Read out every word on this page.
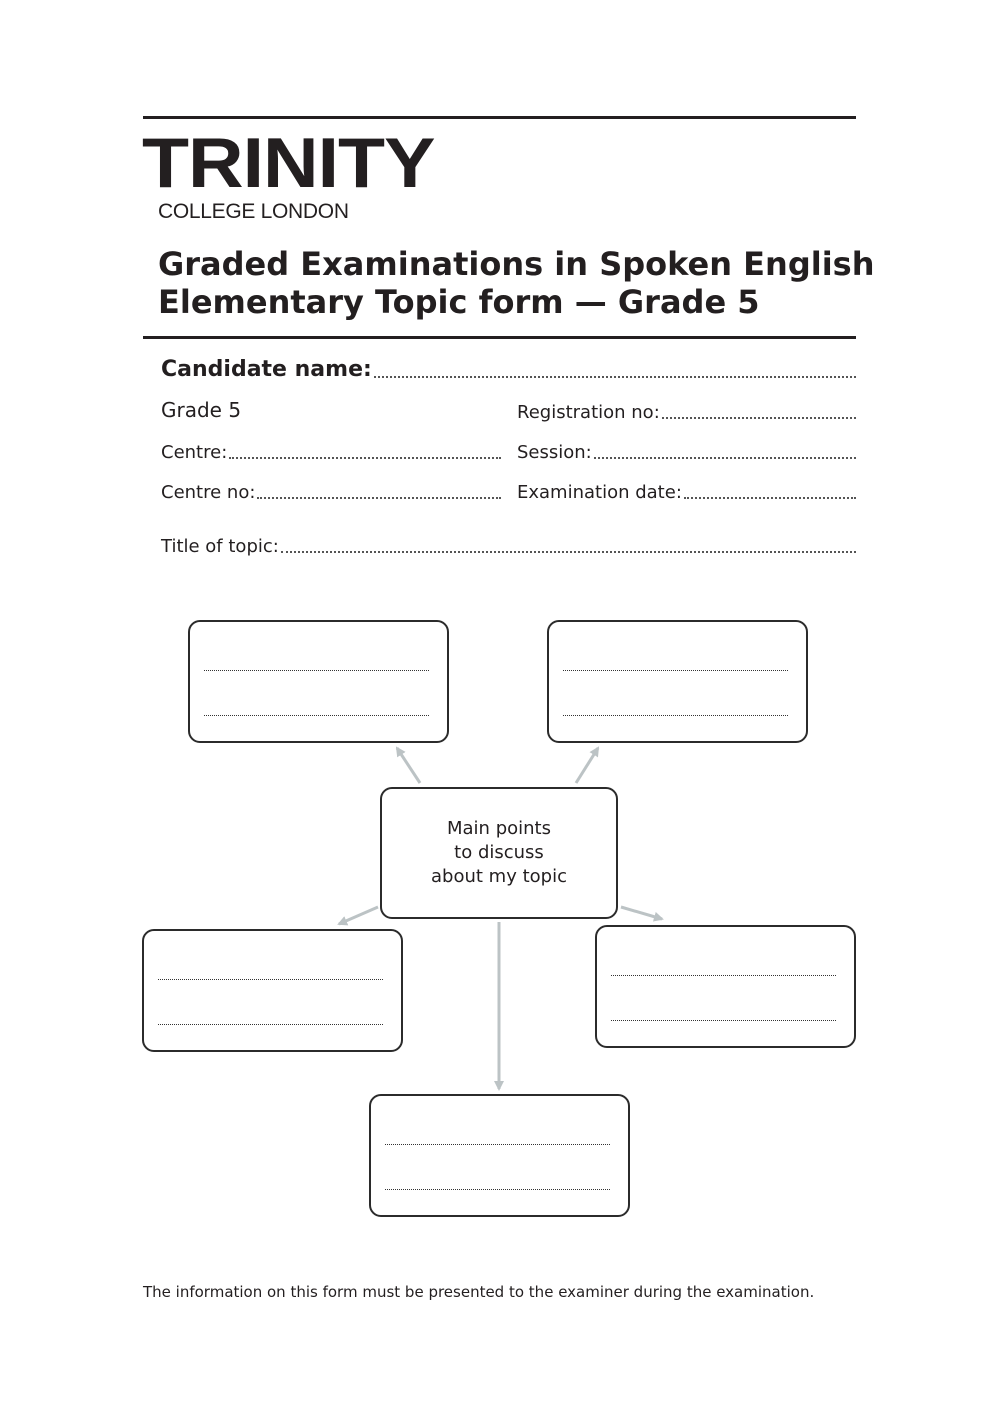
TRINITY
COLLEGE LONDON
Graded Examinations in Spoken English
Elementary Topic form — Grade 5
Candidate name:
Grade 5	Registration no:
Centre:	Session:
Centre no:	Examination date:
Title of topic:
Main points
to discuss
about my topic
The information on this form must be presented to the examiner during the examination.
